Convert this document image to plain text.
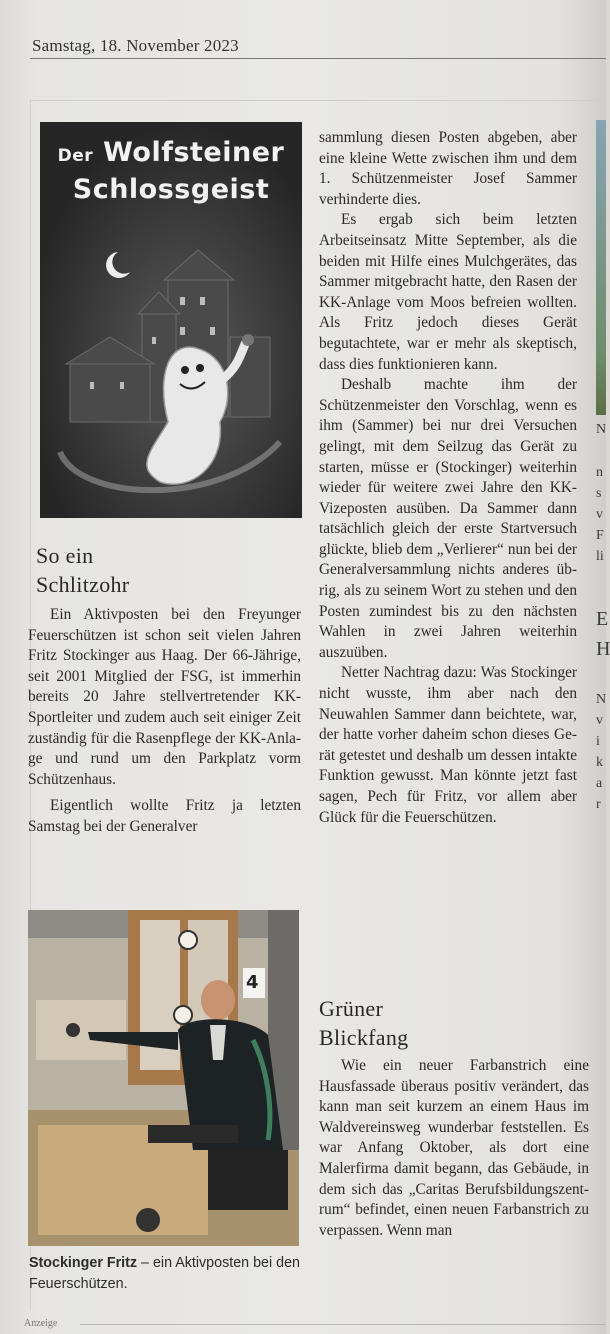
Samstag, 18. November 2023
Der Wolfsteiner
Schlossgeist
So ein
Schlitzohr

Ein Aktivposten bei den Freyunger Feuerschützen ist schon seit vielen Jahren Fritz Stockinger aus Haag. Der 66-Jährige, seit 2001 Mitglied der FSG, ist immerhin bereits 20 Jahre stellvertretender KK-Sportleiter und zudem auch seit einiger Zeit zuständig für die Rasenpflege der KK-Anlage und rund um den Parkplatz vorm Schützenhaus.

Eigentlich wollte Fritz ja letzten Samstag bei der Generalver

4
Stockinger Fritz – ein Aktivposten bei den Feuerschützen.

sammlung diesen Posten abgeben, aber eine kleine Wette zwischen ihm und dem 1. Schützenmeister Josef Sammer verhinderte dies.

Es ergab sich beim letzten Arbeitseinsatz Mitte September, als die beiden mit Hilfe eines Mulchgerätes, das Sammer mitgebracht hatte, den Rasen der KK-Anlage vom Moos befreien wollten. Als Fritz jedoch dieses Gerät begutachtete, war er mehr als skeptisch, dass dies funktionieren kann.

Deshalb machte ihm der Schützenmeister den Vorschlag, wenn es ihm (Sammer) bei nur drei Versuchen gelingt, mit dem Seilzug das Gerät zu starten, müsse er (Stockinger) weiterhin wieder für weitere zwei Jahre den KK-Vizeposten ausüben. Da Sammer dann tatsächlich gleich der erste Startversuch glückte, blieb dem „Verlierer“ nun bei der Generalversammlung nichts anderes übrig, als zu seinem Wort zu stehen und den Posten zumindest bis zu den nächsten Wahlen in zwei Jahren weiterhin auszuüben.

Netter Nachtrag dazu: Was Stockinger nicht wusste, ihm aber nach den Neuwahlen Sammer dann beichtete, war, der hatte vorher daheim schon dieses Gerät getestet und deshalb um dessen intakte Funktion gewusst. Man könnte jetzt fast sagen, Pech für Fritz, vor allem aber Glück für die Feuerschützen.

Grüner
Blickfang

Wie ein neuer Farbanstrich eine Hausfassade überaus positiv verändert, das kann man seit kurzem an einem Haus im Waldvereinsweg wunderbar feststellen. Es war Anfang Oktober, als dort eine Malerfirma damit begann, das Gebäude, in dem sich das „Caritas Berufsbildungszentrum“ befindet, einen neuen Farbanstrich zu verpassen. Wenn man

N
n
s
v
F
li
E
H
N
v
i
k
a
r
Anzeige
